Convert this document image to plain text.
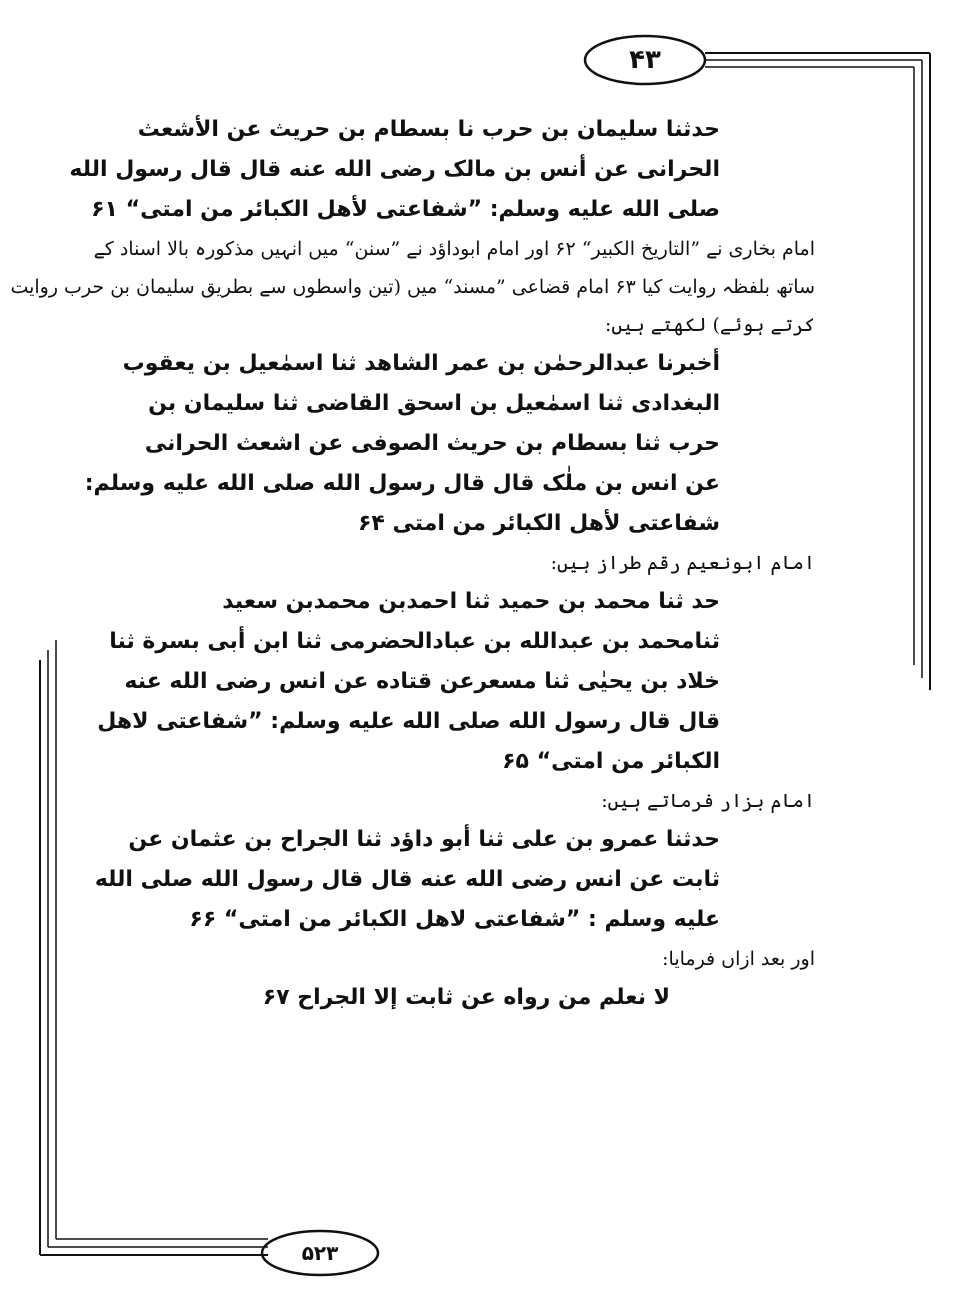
۴۳
۵۲۳

حدثنا سليمان بن حرب نا بسطام بن حريث عن الأشعث

الحرانی عن أنس بن مالک رضی الله عنه قال قال رسول الله

صلی الله عليه وسلم: ”شفاعتی لأهل الكبائر من امتی“ ۶۱

امام بخاری نے ”التاريخ الكبير“ ۶۲ اور امام ابوداؤد نے ”سنن“ میں انہیں مذکورہ بالا اسناد کے

ساتھ بلفظہ روایت کیا ۶۳ امام قضاعی ”مسند“ میں (تین واسطوں سے بطریق سلیمان بن حرب روایت

کرتے ہوئے) لکھتے ہیں:

أخبرنا عبدالرحمٰن بن عمر الشاهد ثنا اسمٰعيل بن يعقوب

البغدادی ثنا اسمٰعيل بن اسحق القاضی ثنا سليمان بن

حرب ثنا بسطام بن حريث الصوفی عن اشعث الحرانی

عن انس بن ملٰک قال قال رسول الله صلی الله عليه وسلم:

شفاعتی لأهل الكبائر من امتی ۶۴

امام ابونعیم رقم طراز ہیں:

حد ثنا محمد بن حميد ثنا احمدبن محمدبن سعيد

ثنامحمد بن عبدالله بن عبادالحضرمی ثنا ابن أبی بسرة ثنا

خلاد بن يحيٰی ثنا مسعرعن قتاده عن انس رضی الله عنه

قال قال رسول الله صلی الله عليه وسلم: ”شفاعتی لاهل

الكبائر من امتی“ ۶۵

امام بزار فرماتے ہیں:

حدثنا عمرو بن علی ثنا أبو داؤد ثنا الجراح بن عثمان عن

ثابت عن انس رضی الله عنه قال قال رسول الله صلی الله

عليه وسلم : ”شفاعتی لاهل الكبائر من امتی“ ۶۶

اور بعد ازاں فرمایا:

لا نعلم من رواه عن ثابت إلا الجراح ۶۷
